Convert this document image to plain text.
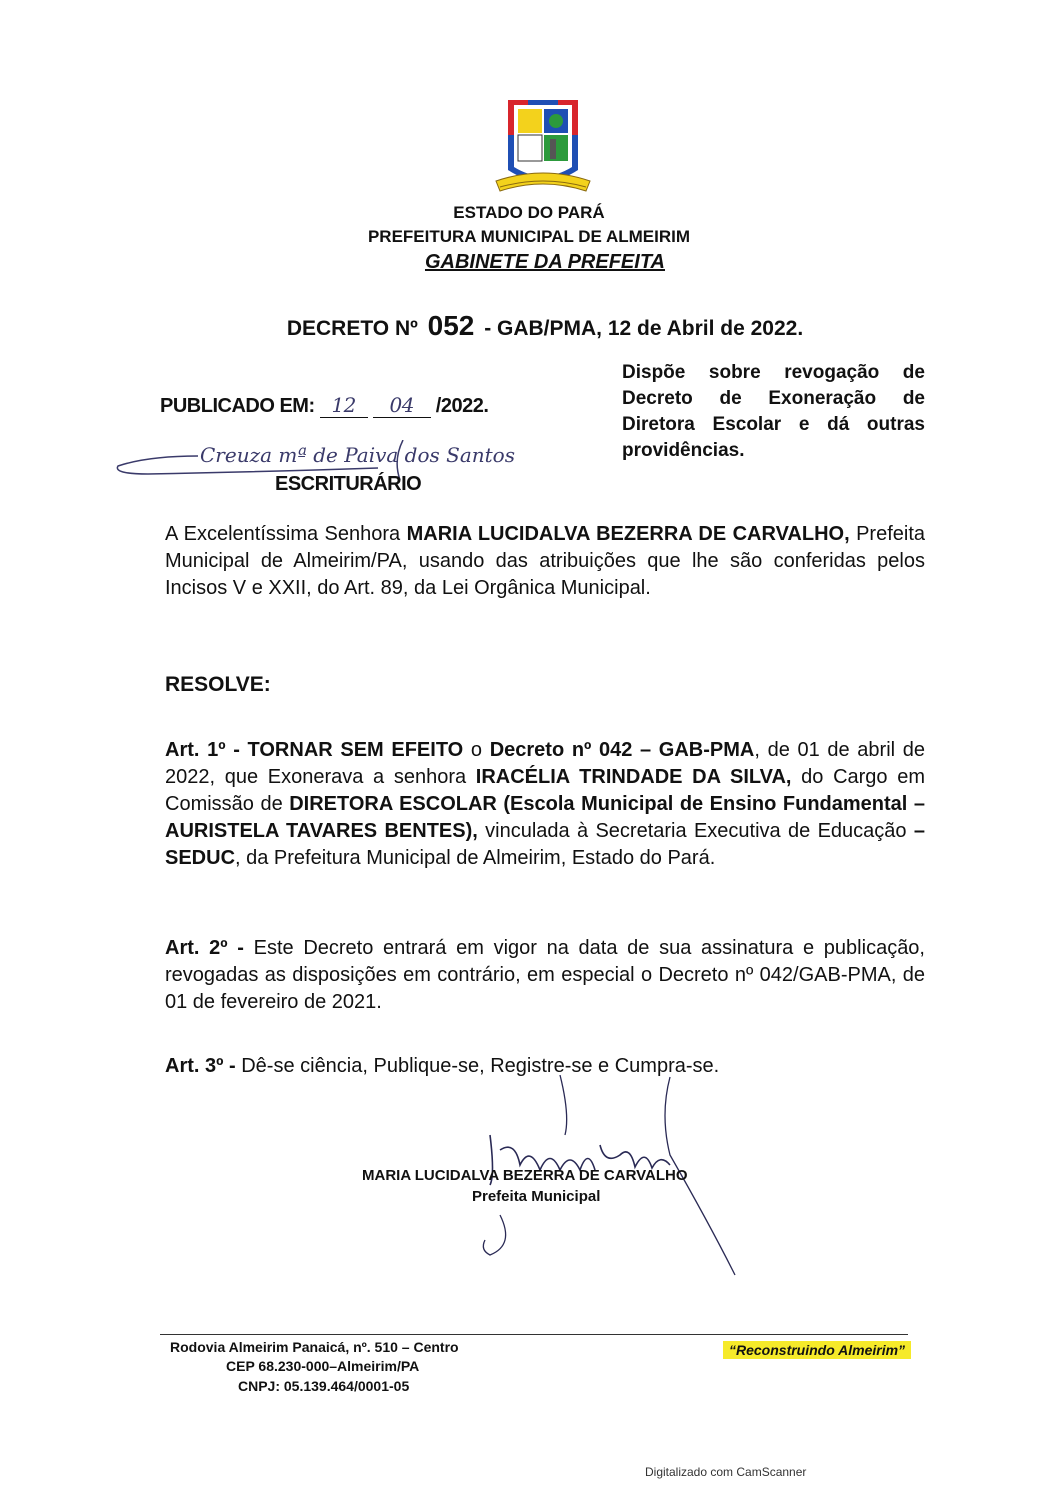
ESTADO DO PARÁ
PREFEITURA MUNICIPAL DE ALMEIRIM
GABINETE DA PREFEITA
DECRETO Nº 052 - GAB/PMA, 12 de Abril de 2022.
Dispõe sobre revogação de Decreto de Exoneração de Diretora Escolar e dá outras providências.
PUBLICADO EM: 12 04 /2022.
Creuza mª de Paiva dos Santos
ESCRITURÁRIO
A Excelentíssima Senhora MARIA LUCIDALVA BEZERRA DE CARVALHO, Prefeita Municipal de Almeirim/PA, usando das atribuições que lhe são conferidas pelos Incisos V e XXII, do Art. 89, da Lei Orgânica Municipal.
RESOLVE:
Art. 1º - TORNAR SEM EFEITO o Decreto nº 042 – GAB-PMA, de 01 de abril de 2022, que Exonerava a senhora IRACÉLIA TRINDADE DA SILVA, do Cargo em Comissão de DIRETORA ESCOLAR (Escola Municipal de Ensino Fundamental – AURISTELA TAVARES BENTES), vinculada à Secretaria Executiva de Educação – SEDUC, da Prefeitura Municipal de Almeirim, Estado do Pará.
Art. 2º - Este Decreto entrará em vigor na data de sua assinatura e publicação, revogadas as disposições em contrário, em especial o Decreto nº 042/GAB-PMA, de 01 de fevereiro de 2021.
Art. 3º - Dê-se ciência, Publique-se, Registre-se e Cumpra-se.
MARIA LUCIDALVA BEZERRA DE CARVALHO
Prefeita Municipal
Rodovia Almeirim Panaicá, nº. 510 – Centro
CEP 68.230-000–Almeirim/PA
CNPJ: 05.139.464/0001-05
“Reconstruindo Almeirim”
Digitalizado com CamScanner
